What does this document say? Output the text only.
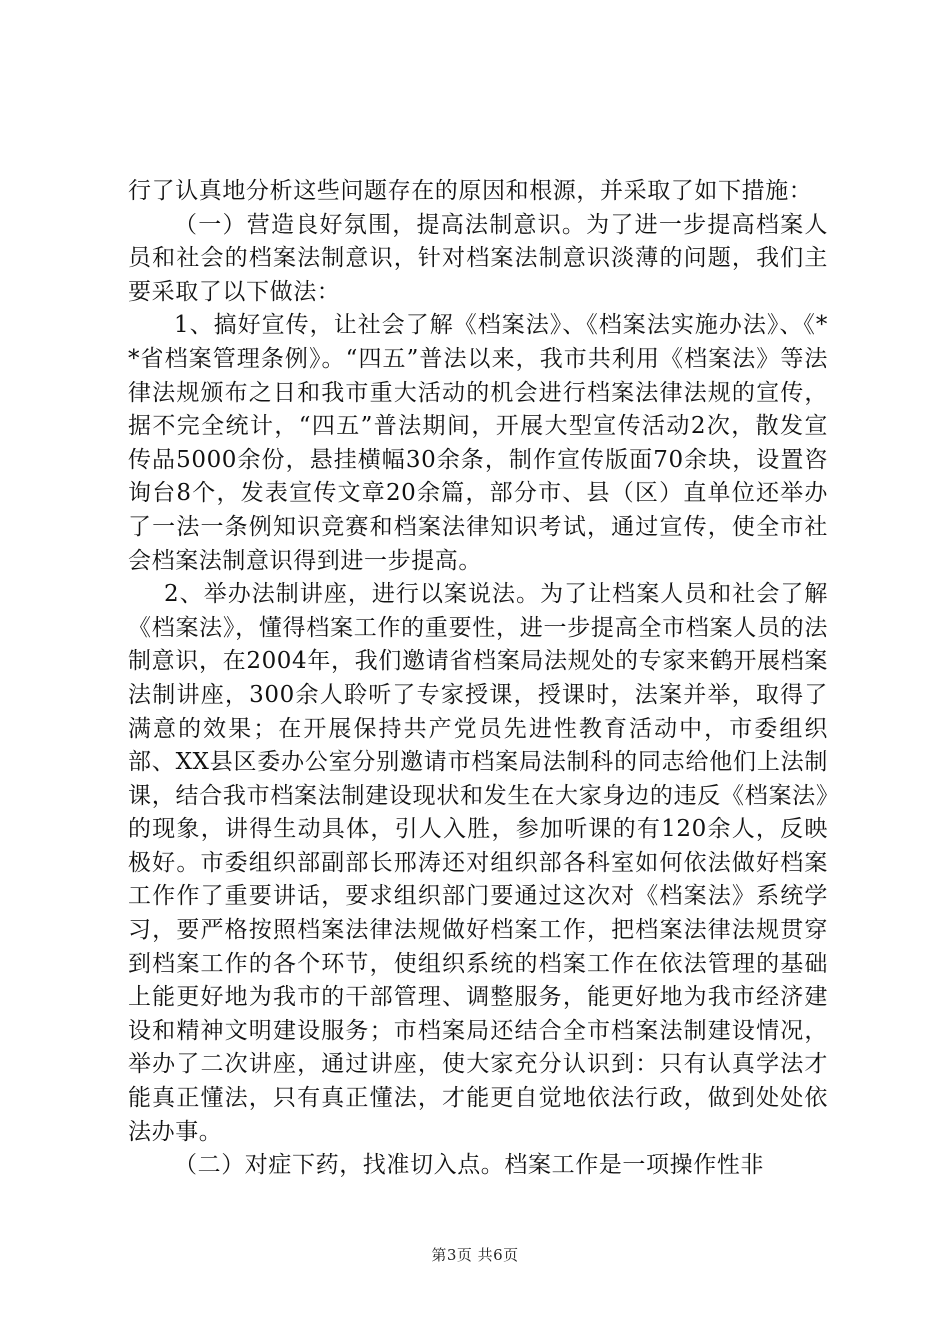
行了认真地分析这些问题存在的原因和根源，并采取了如下措施：

（一）营造良好氛围，提高法制意识。为了进一步提高档案人员和社会的档案法制意识，针对档案法制意识淡薄的问题，我们主要采取了以下做法：

1、搞好宣传，让社会了解《档案法》、《档案法实施办法》、《**省档案管理条例》。“四五”普法以来，我市共利用《档案法》等法律法规颁布之日和我市重大活动的机会进行档案法律法规的宣传，据不完全统计，“四五”普法期间，开展大型宣传活动2次，散发宣传品5000余份，悬挂横幅30余条，制作宣传版面70余块，设置咨询台8个，发表宣传文章20余篇，部分市、县（区）直单位还举办了一法一条例知识竞赛和档案法律知识考试，通过宣传，使全市社会档案法制意识得到进一步提高。

2、举办法制讲座，进行以案说法。为了让档案人员和社会了解《档案法》，懂得档案工作的重要性，进一步提高全市档案人员的法制意识，在2004年，我们邀请省档案局法规处的专家来鹤开展档案法制讲座，300余人聆听了专家授课，授课时，法案并举，取得了满意的效果；在开展保持共产党员先进性教育活动中，市委组织部、XX县区委办公室分别邀请市档案局法制科的同志给他们上法制课，结合我市档案法制建设现状和发生在大家身边的违反《档案法》的现象，讲得生动具体，引人入胜，参加听课的有120余人，反映极好。市委组织部副部长邢涛还对组织部各科室如何依法做好档案工作作了重要讲话，要求组织部门要通过这次对《档案法》系统学习，要严格按照档案法律法规做好档案工作，把档案法律法规贯穿到档案工作的各个环节，使组织系统的档案工作在依法管理的基础上能更好地为我市的干部管理、调整服务，能更好地为我市经济建设和精神文明建设服务；市档案局还结合全市档案法制建设情况，举办了二次讲座，通过讲座，使大家充分认识到：只有认真学法才能真正懂法，只有真正懂法，才能更自觉地依法行政，做到处处依法办事。

（二）对症下药，找准切入点。档案工作是一项操作性非

第3页 共6页
